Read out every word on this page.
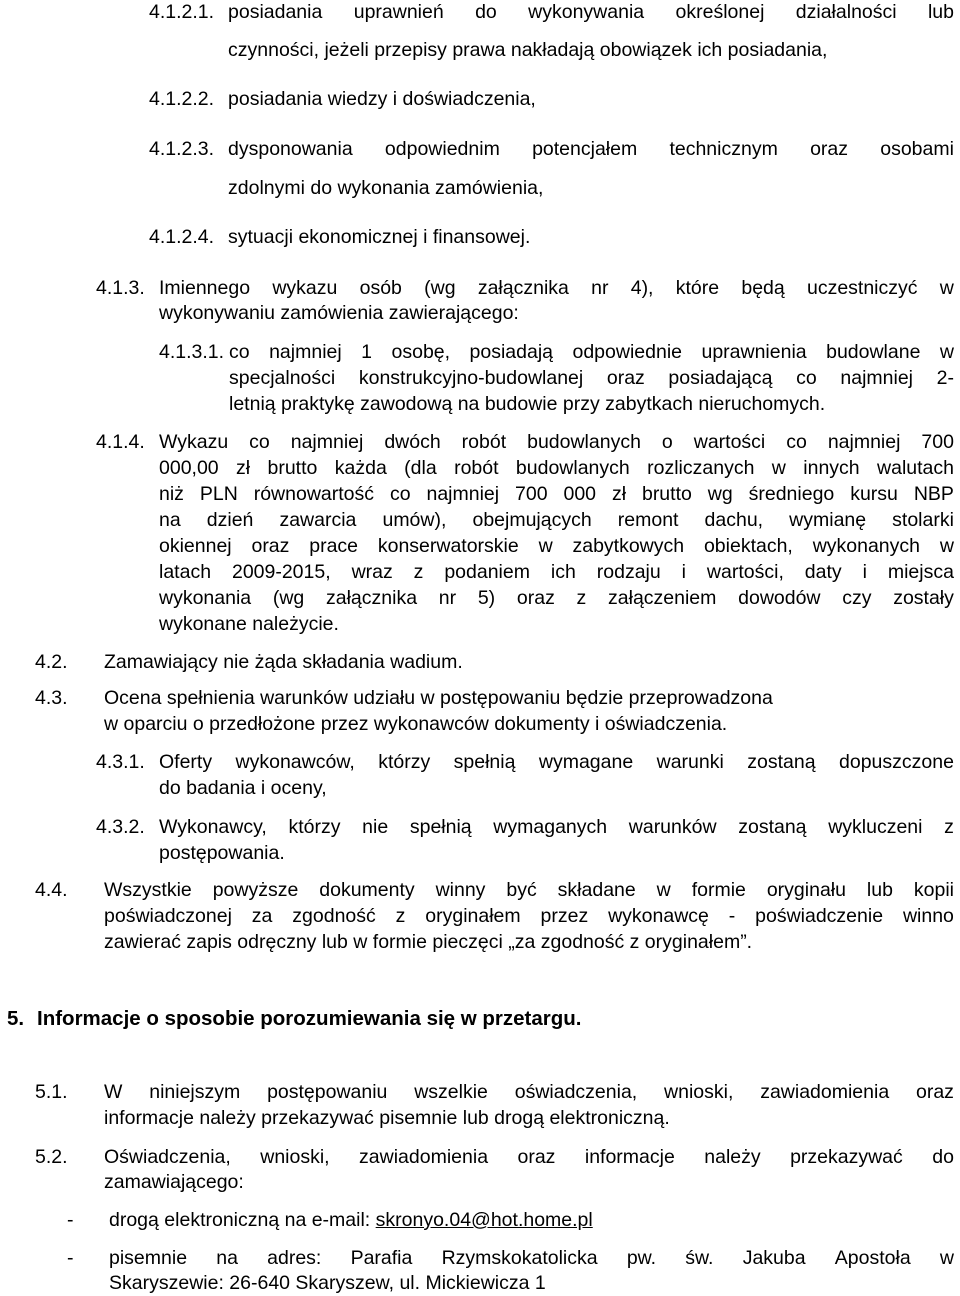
4.1.2.1. posiadania uprawnień do wykonywania określonej działalności lub
czynności, jeżeli przepisy prawa nakładają obowiązek ich posiadania,
4.1.2.2. posiadania wiedzy i doświadczenia,
4.1.2.3. dysponowania odpowiednim potencjałem technicznym oraz osobami
zdolnymi do wykonania zamówienia,
4.1.2.4. sytuacji ekonomicznej i finansowej.
4.1.3. Imiennego wykazu osób (wg załącznika nr 4), które będą uczestniczyć w
wykonywaniu zamówienia zawierającego:
4.1.3.1. co najmniej 1 osobę, posiadają odpowiednie uprawnienia budowlane w
specjalności konstrukcyjno-budowlanej oraz posiadającą co najmniej 2-
letnią praktykę zawodową na budowie przy zabytkach nieruchomych.
4.1.4. Wykazu co najmniej dwóch robót budowlanych o wartości co najmniej 700
000,00 zł brutto każda (dla robót budowlanych rozliczanych w innych walutach
niż PLN równowartość co najmniej 700 000 zł brutto wg średniego kursu NBP
na dzień zawarcia umów), obejmujących remont dachu, wymianę stolarki
okiennej oraz prace konserwatorskie w zabytkowych obiektach, wykonanych w
latach 2009-2015, wraz z podaniem ich rodzaju i wartości, daty i miejsca
wykonania (wg załącznika nr 5) oraz z załączeniem dowodów czy zostały
wykonane należycie.
4.2. Zamawiający nie żąda składania wadium.
4.3. Ocena spełnienia warunków udziału w postępowaniu będzie przeprowadzona
w oparciu o przedłożone przez wykonawców dokumenty i oświadczenia.
4.3.1. Oferty wykonawców, którzy spełnią wymagane warunki zostaną dopuszczone
do badania i oceny,
4.3.2. Wykonawcy, którzy nie spełnią wymaganych warunków zostaną wykluczeni z
postępowania.
4.4. Wszystkie powyższe dokumenty winny być składane w formie oryginału lub kopii
poświadczonej za zgodność z oryginałem przez wykonawcę - poświadczenie winno
zawierać zapis odręczny lub w formie pieczęci „za zgodność z oryginałem”.
5. Informacje o sposobie porozumiewania się w przetargu.
5.1. W niniejszym postępowaniu wszelkie oświadczenia, wnioski, zawiadomienia oraz
informacje należy przekazywać pisemnie lub drogą elektroniczną.
5.2. Oświadczenia, wnioski, zawiadomienia oraz informacje należy przekazywać do
zamawiającego:
- drogą elektroniczną na e-mail: skronyo.04@hot.home.pl
- pisemnie na adres: Parafia Rzymskokatolicka pw. św. Jakuba Apostoła w
Skaryszewie: 26-640 Skaryszew, ul. Mickiewicza 1
